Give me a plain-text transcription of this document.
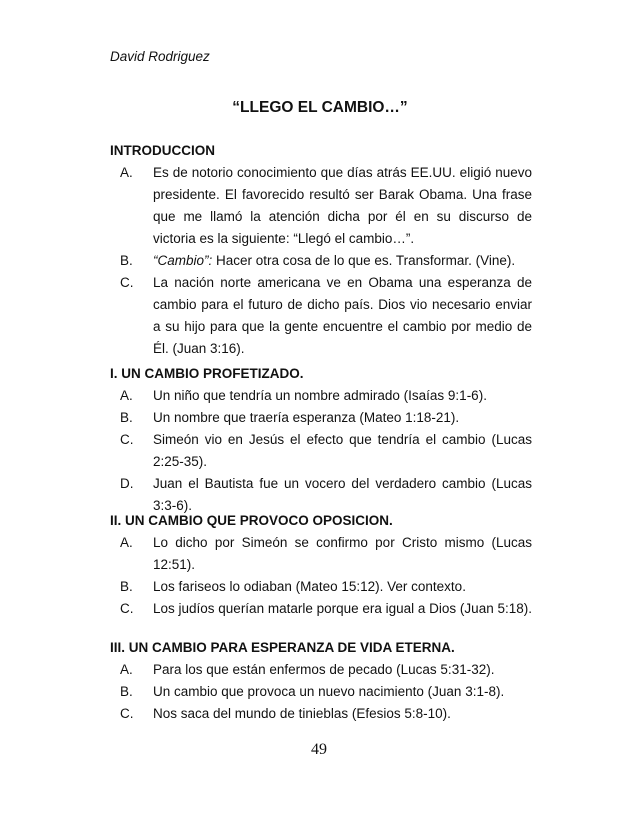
David Rodriguez
“LLEGO EL CAMBIO…”
INTRODUCCION
A.	Es de notorio conocimiento que días atrás EE.UU. eligió nuevo presidente. El favorecido resultó ser Barak Obama. Una frase que me llamó la atención dicha por él en su discurso de victoria es la siguiente: “Llegó el cambio…”.
B.	“Cambio”: Hacer otra cosa de lo que es. Transformar. (Vine).
C.	La nación norte americana ve en Obama una esperanza de cambio para el futuro de dicho país. Dios vio necesario enviar a su hijo para que la gente encuentre el cambio por medio de Él. (Juan 3:16).
I. UN CAMBIO PROFETIZADO.
A.	Un niño que tendría un nombre admirado (Isaías 9:1-6).
B.	Un nombre que traería esperanza (Mateo 1:18-21).
C.	Simeón vio en Jesús el efecto que tendría el cambio (Lucas 2:25-35).
D.	Juan el Bautista fue un vocero del verdadero cambio (Lucas 3:3-6).
II. UN CAMBIO QUE PROVOCO OPOSICION.
A.	Lo dicho por Simeón se confirmo por Cristo mismo (Lucas 12:51).
B.	Los fariseos lo odiaban (Mateo 15:12). Ver contexto.
C.	Los judíos querían matarle porque era igual a Dios (Juan 5:18).
III. UN CAMBIO PARA ESPERANZA DE VIDA ETERNA.
A.	Para los que están enfermos de pecado (Lucas 5:31-32).
B.	Un cambio que provoca un nuevo nacimiento (Juan 3:1-8).
C.	Nos saca del mundo de tinieblas (Efesios 5:8-10).
49
